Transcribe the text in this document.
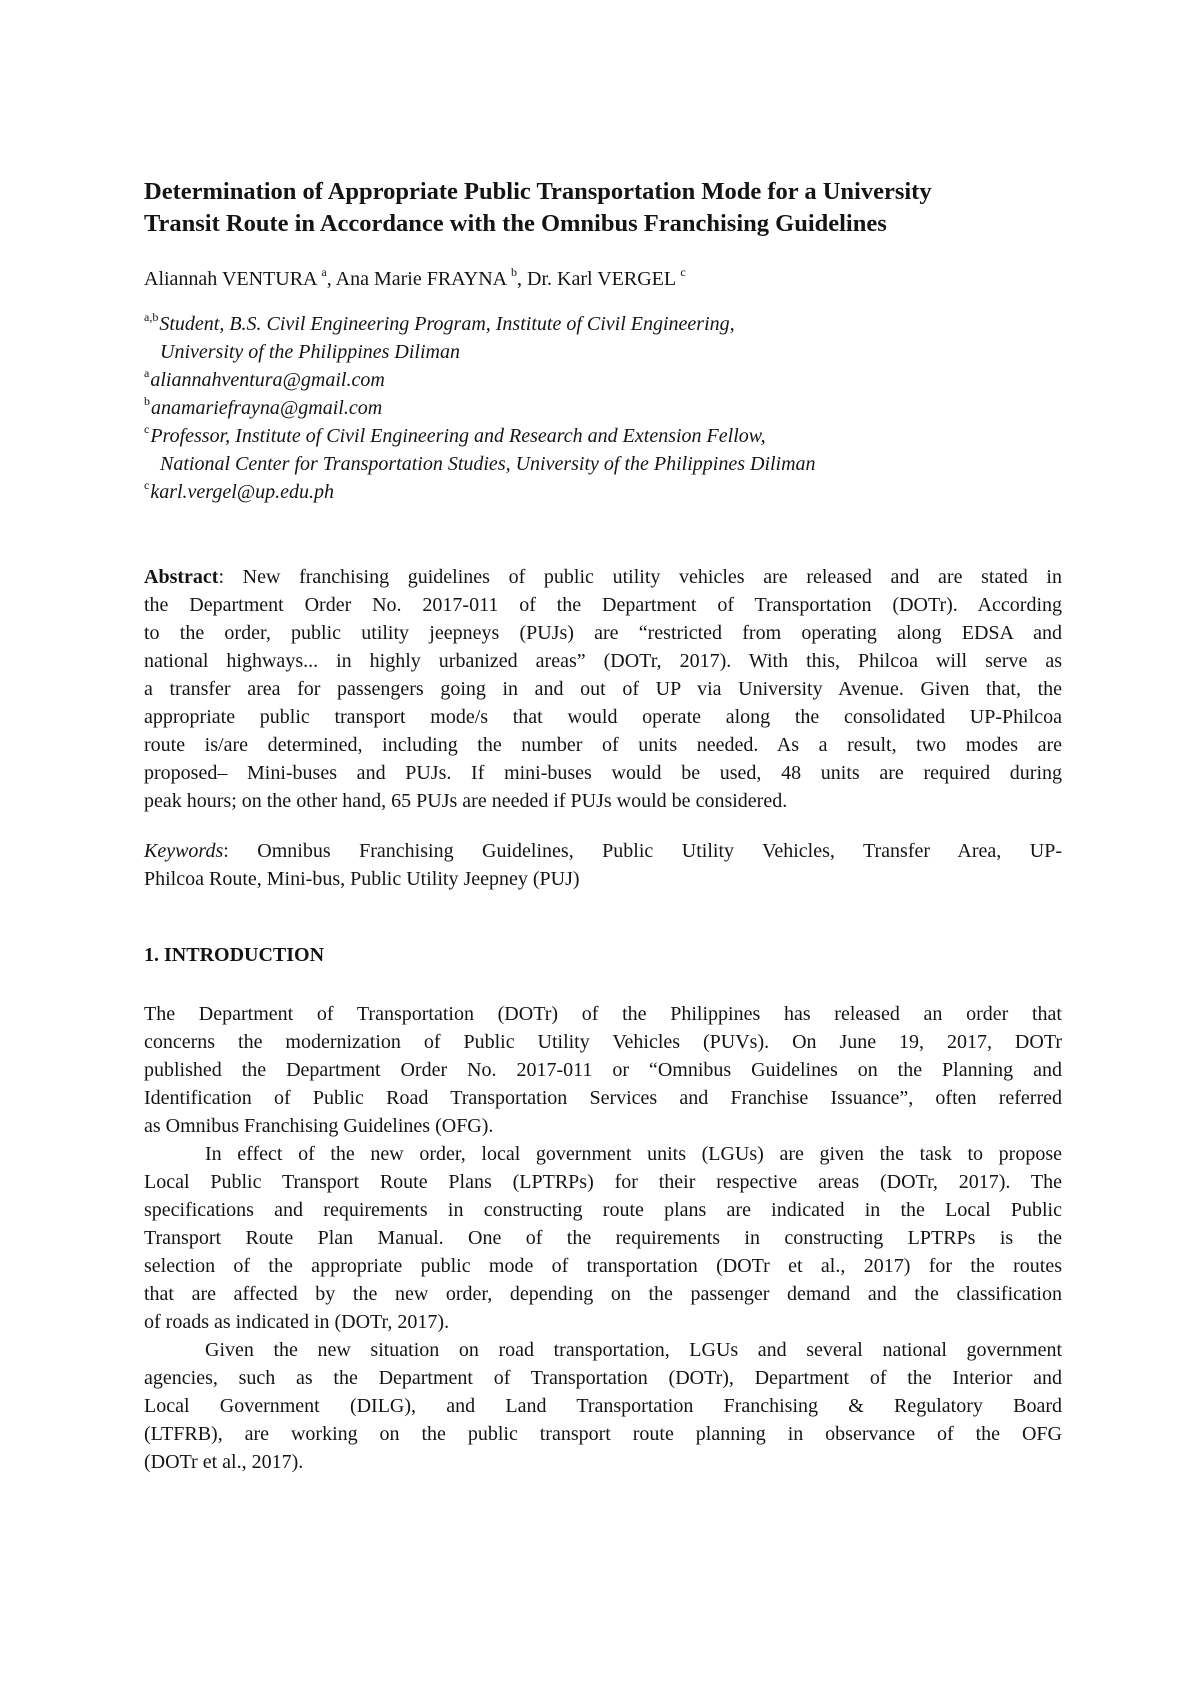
Determination of Appropriate Public Transportation Mode for a University
Transit Route in Accordance with the Omnibus Franchising Guidelines
Aliannah VENTURA $^a$, Ana Marie FRAYNA $^b$, Dr. Karl VERGEL $^c$
$^{a,b}$Student, B.S. Civil Engineering Program, Institute of Civil Engineering,
University of the Philippines Diliman
$^a$aliannahventura@gmail.com
$^b$anamariefrayna@gmail.com
$^c$Professor, Institute of Civil Engineering and Research and Extension Fellow,
National Center for Transportation Studies, University of the Philippines Diliman
$^c$karl.vergel@up.edu.ph
Abstract: New franchising guidelines of public utility vehicles are released and are stated in
the Department Order No. 2017-011 of the Department of Transportation (DOTr). According
to the order, public utility jeepneys (PUJs) are “restricted from operating along EDSA and
national highways... in highly urbanized areas” (DOTr, 2017). With this, Philcoa will serve as
a transfer area for passengers going in and out of UP via University Avenue. Given that, the
appropriate public transport mode/s that would operate along the consolidated UP-Philcoa
route is/are determined, including the number of units needed. As a result, two modes are
proposed– Mini-buses and PUJs. If mini-buses would be used, 48 units are required during
peak hours; on the other hand, 65 PUJs are needed if PUJs would be considered.
Keywords: Omnibus Franchising Guidelines, Public Utility Vehicles, Transfer Area, UP-
Philcoa Route, Mini-bus, Public Utility Jeepney (PUJ)
1. INTRODUCTION

The Department of Transportation (DOTr) of the Philippines has released an order that
concerns the modernization of Public Utility Vehicles (PUVs). On June 19, 2017, DOTr
published the Department Order No. 2017-011 or “Omnibus Guidelines on the Planning and
Identification of Public Road Transportation Services and Franchise Issuance”, often referred
as Omnibus Franchising Guidelines (OFG).

In effect of the new order, local government units (LGUs) are given the task to propose
Local Public Transport Route Plans (LPTRPs) for their respective areas (DOTr, 2017). The
specifications and requirements in constructing route plans are indicated in the Local Public
Transport Route Plan Manual. One of the requirements in constructing LPTRPs is the
selection of the appropriate public mode of transportation (DOTr et al., 2017) for the routes
that are affected by the new order, depending on the passenger demand and the classification
of roads as indicated in (DOTr, 2017).

Given the new situation on road transportation, LGUs and several national government
agencies, such as the Department of Transportation (DOTr), Department of the Interior and
Local Government (DILG), and Land Transportation Franchising & Regulatory Board
(LTFRB), are working on the public transport route planning in observance of the OFG
(DOTr et al., 2017).
